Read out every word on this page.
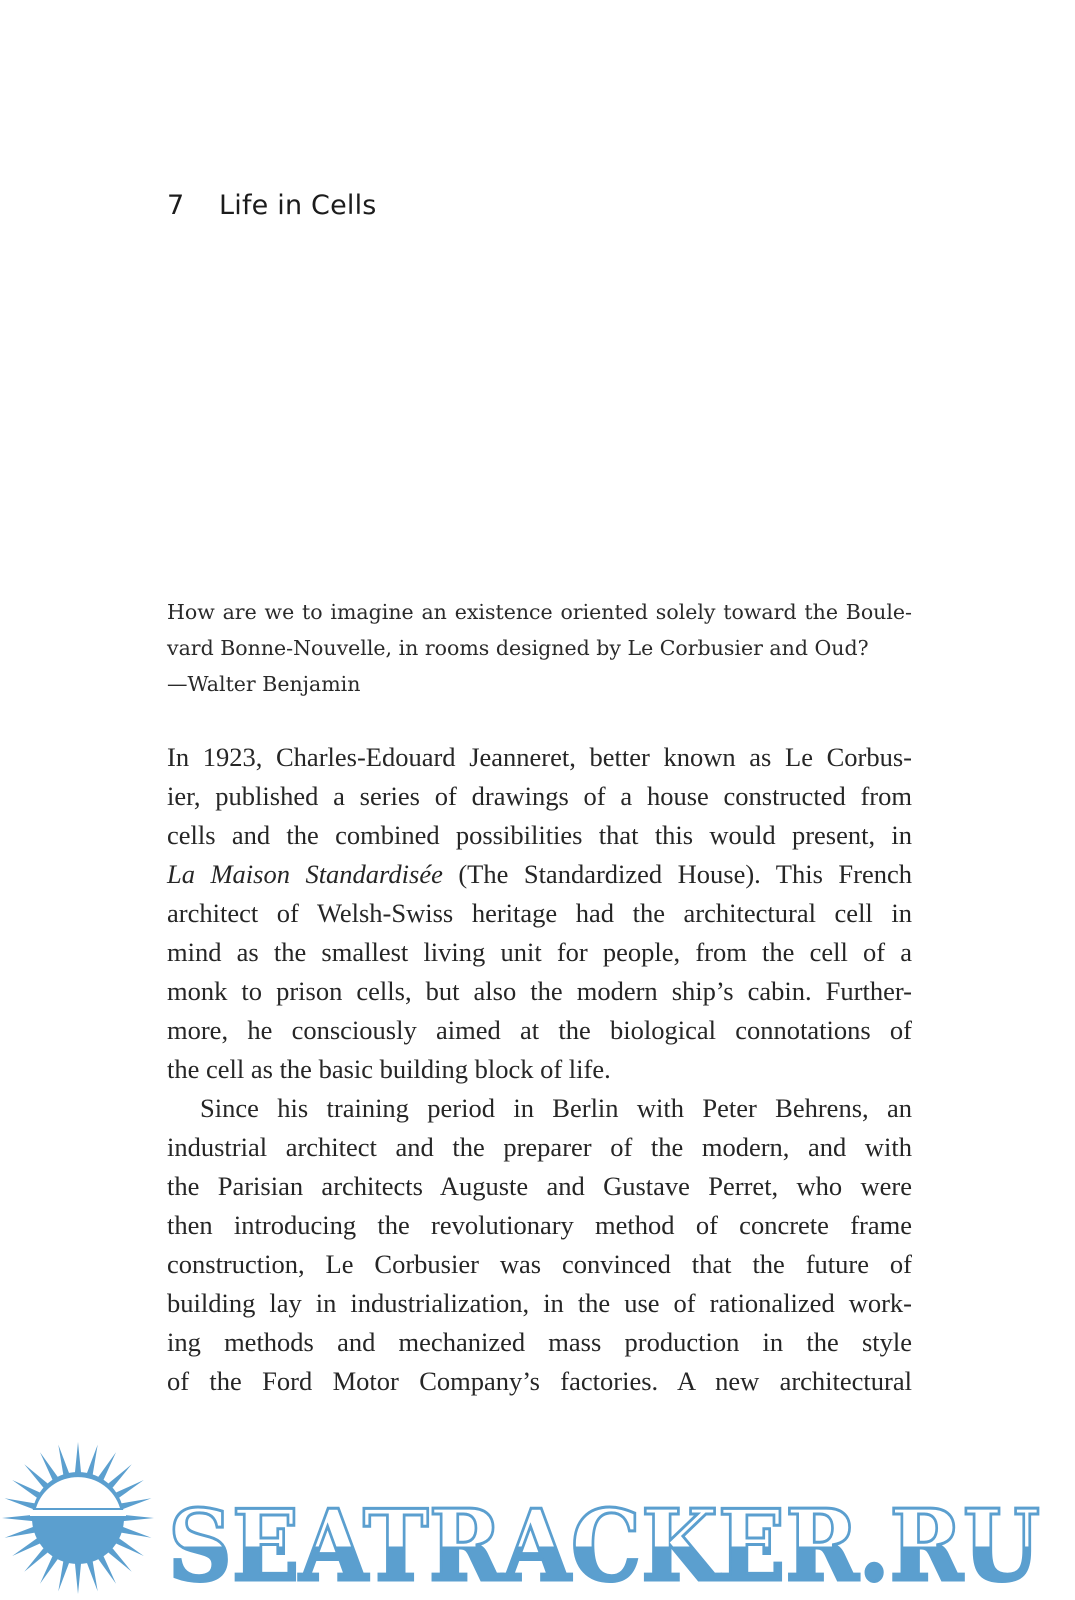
7 Life in Cells
How are we to imagine an existence oriented solely toward the Boule-
vard Bonne-Nouvelle, in rooms designed by Le Corbusier and Oud?
—Walter Benjamin
In 1923, Charles-Edouard Jeanneret, better known as Le Corbus-
ier, published a series of drawings of a house constructed from
cells and the combined possibilities that this would present, in
La Maison Standardisée (The Standardized House). This French
architect of Welsh-Swiss heritage had the architectural cell in
mind as the smallest living unit for people, from the cell of a
monk to prison cells, but also the modern ship’s cabin. Further-
more, he consciously aimed at the biological connotations of
the cell as the basic building block of life.
Since his training period in Berlin with Peter Behrens, an
industrial architect and the preparer of the modern, and with
the Parisian architects Auguste and Gustave Perret, who were
then introducing the revolutionary method of concrete frame
construction, Le Corbusier was convinced that the future of
building lay in industrialization, in the use of rationalized work-
ing methods and mechanized mass production in the style
of the Ford Motor Company’s factories. A new architectural
SEATRACKER.RU
